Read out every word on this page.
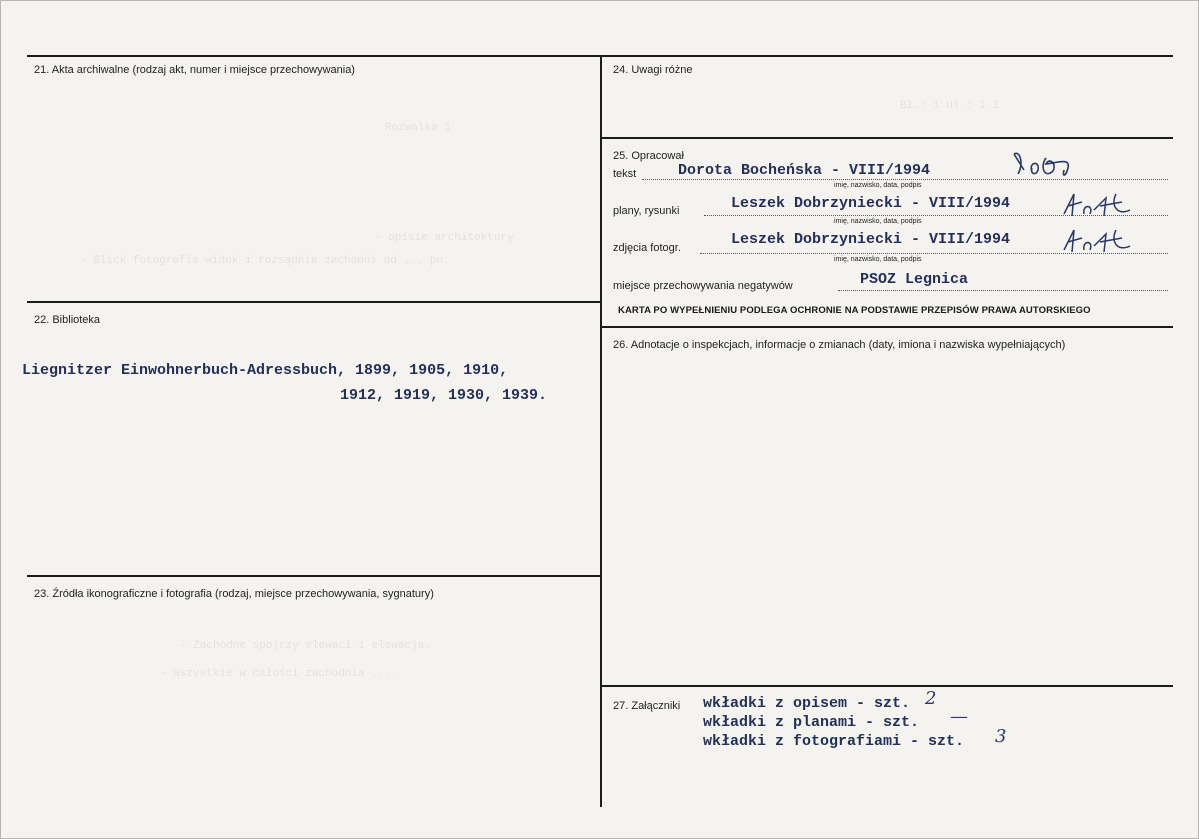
Rozwalka 1
Bł.: 1 ul.: 1 1
- opisie architektury
- Blick fotografia widok i rozsądnie zachodni od ... pn.
- Zachodne spojrzy elewaci i elewacja.
- wszystkie w całości zachodnia ....
21. Akta archiwalne (rodzaj akt, numer i miejsce przechowywania)
22. Biblioteka
Liegnitzer Einwohnerbuch-Adressbuch, 1899, 1905, 1910,
1912, 1919, 1930, 1939.
23. Źródła ikonograficzne i fotografia (rodzaj, miejsce przechowywania, sygnatury)
24. Uwagi różne
25. Opracował
tekst	Dorota Bocheńska - VIII/1994
imię, nazwisko, data, podpis
plany, rysunki	Leszek Dobrzyniecki - VIII/1994
imię, nazwisko, data, podpis
zdjęcia fotogr.	Leszek Dobrzyniecki - VIII/1994
imię, nazwisko, data, podpis
miejsce przechowywania negatywów	PSOZ Legnica
KARTA PO WYPEŁNIENIU PODLEGA OCHRONIE NA PODSTAWIE PRZEPISÓW PRAWA AUTORSKIEGO
26. Adnotacje o inspekcjach, informacje o zmianach (daty, imiona i nazwiska wypełniających)
27. Załączniki wkładki z opisem - szt. 2
wkładki z planami - szt. —
wkładki z fotografiami - szt. 3
